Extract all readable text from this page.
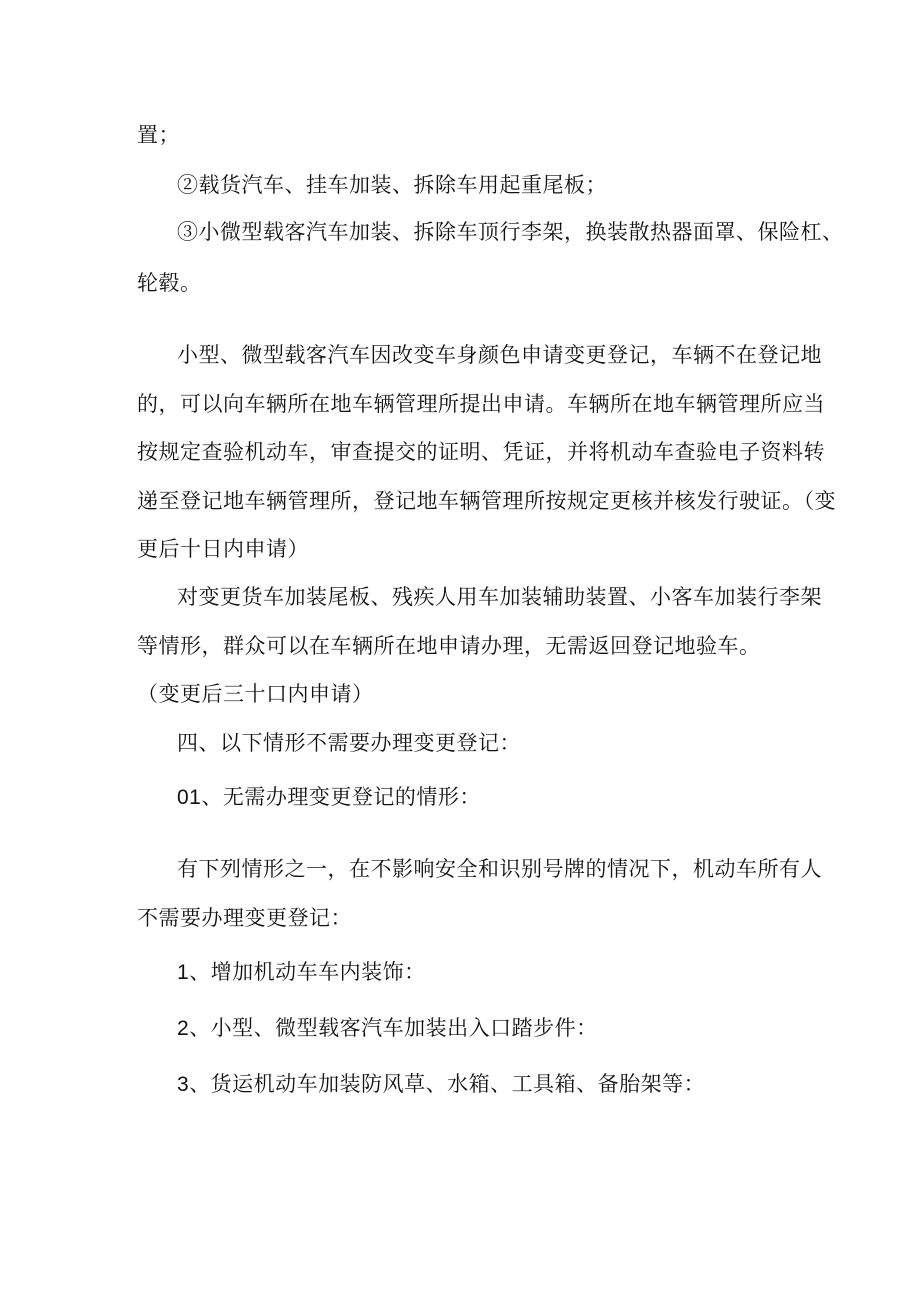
置；
②载货汽车、挂车加装、拆除车用起重尾板；
③小微型载客汽车加装、拆除车顶行李架，换装散热器面罩、保险杠、
轮毂。
小型、微型载客汽车因改变车身颜色申请变更登记，车辆不在登记地
的，可以向车辆所在地车辆管理所提出申请。车辆所在地车辆管理所应当
按规定查验机动车，审查提交的证明、凭证，并将机动车查验电子资料转
递至登记地车辆管理所，登记地车辆管理所按规定更核并核发行驶证。（变
更后十日内申请）
对变更货车加装尾板、残疾人用车加装辅助装置、小客车加装行李架
等情形，群众可以在车辆所在地申请办理，无需返回登记地验车。
（变更后三十口内申请）
四、以下情形不需要办理变更登记：
01、无需办理变更登记的情形：
有下列情形之一，在不影响安全和识别号牌的情况下，机动车所有人
不需要办理变更登记：
1、增加机动车车内装饰：
2、小型、微型载客汽车加装出入口踏步件：
3、货运机动车加装防风草、水箱、工具箱、备胎架等：
